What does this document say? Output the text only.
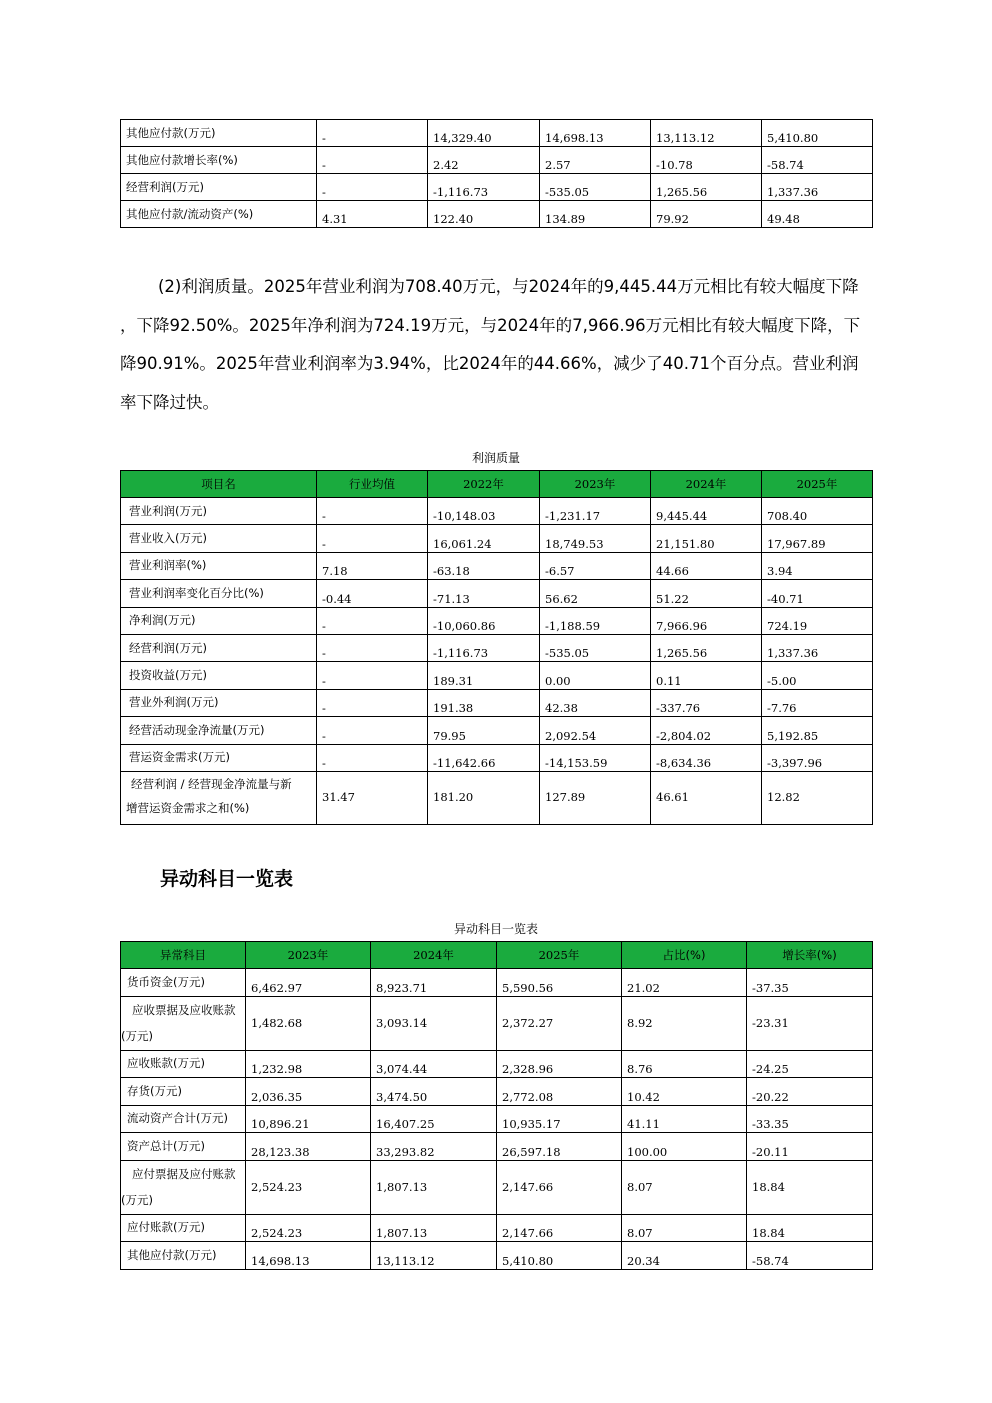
其他应付款(万元)	-	14,329.40	14,698.13	13,113.12	5,410.80
其他应付款增长率(%)	-	2.42	2.57	-10.78	-58.74
经营利润(万元)	-	-1,116.73	-535.05	1,265.56	1,337.36
其他应付款/流动资产(%)	4.31	122.40	134.89	79.92	49.48
(2)利润质量。2025年营业利润为708.40万元，与2024年的9,445.44万元相比有较大幅度下降
，下降92.50%。2025年净利润为724.19万元，与2024年的7,966.96万元相比有较大幅度下降，下
降90.91%。2025年营业利润率为3.94%，比2024年的44.66%，减少了40.71个百分点。营业利润
率下降过快。
利润质量
项目名	行业均值	2022年	2023年	2024年	2025年
营业利润(万元)	-	-10,148.03	-1,231.17	9,445.44	708.40
营业收入(万元)	-	16,061.24	18,749.53	21,151.80	17,967.89
营业利润率(%)	7.18	-63.18	-6.57	44.66	3.94
营业利润率变化百分比(%)	-0.44	-71.13	56.62	51.22	-40.71
净利润(万元)	-	-10,060.86	-1,188.59	7,966.96	724.19
经营利润(万元)	-	-1,116.73	-535.05	1,265.56	1,337.36
投资收益(万元)	-	189.31	0.00	0.11	-5.00
营业外利润(万元)	-	191.38	42.38	-337.76	-7.76
经营活动现金净流量(万元)	-	79.95	2,092.54	-2,804.02	5,192.85
营运资金需求(万元)	-	-11,642.66	-14,153.59	-8,634.36	-3,397.96

经营利润 / 经营现金净流量与新
增营运资金需求之和(%)	31.47	181.20	127.89	46.61	12.82
异动科目一览表
异动科目一览表
异常科目	2023年	2024年	2025年	占比(%)	增长率(%)
货币资金(万元)	6,462.97	8,923.71	5,590.56	21.02	-37.35

应收票据及应收账款
(万元)	1,482.68	3,093.14	2,372.27	8.92	-23.31
应收账款(万元)	1,232.98	3,074.44	2,328.96	8.76	-24.25
存货(万元)	2,036.35	3,474.50	2,772.08	10.42	-20.22
流动资产合计(万元)	10,896.21	16,407.25	10,935.17	41.11	-33.35
资产总计(万元)	28,123.38	33,293.82	26,597.18	100.00	-20.11

应付票据及应付账款
(万元)	2,524.23	1,807.13	2,147.66	8.07	18.84
应付账款(万元)	2,524.23	1,807.13	2,147.66	8.07	18.84
其他应付款(万元)	14,698.13	13,113.12	5,410.80	20.34	-58.74
